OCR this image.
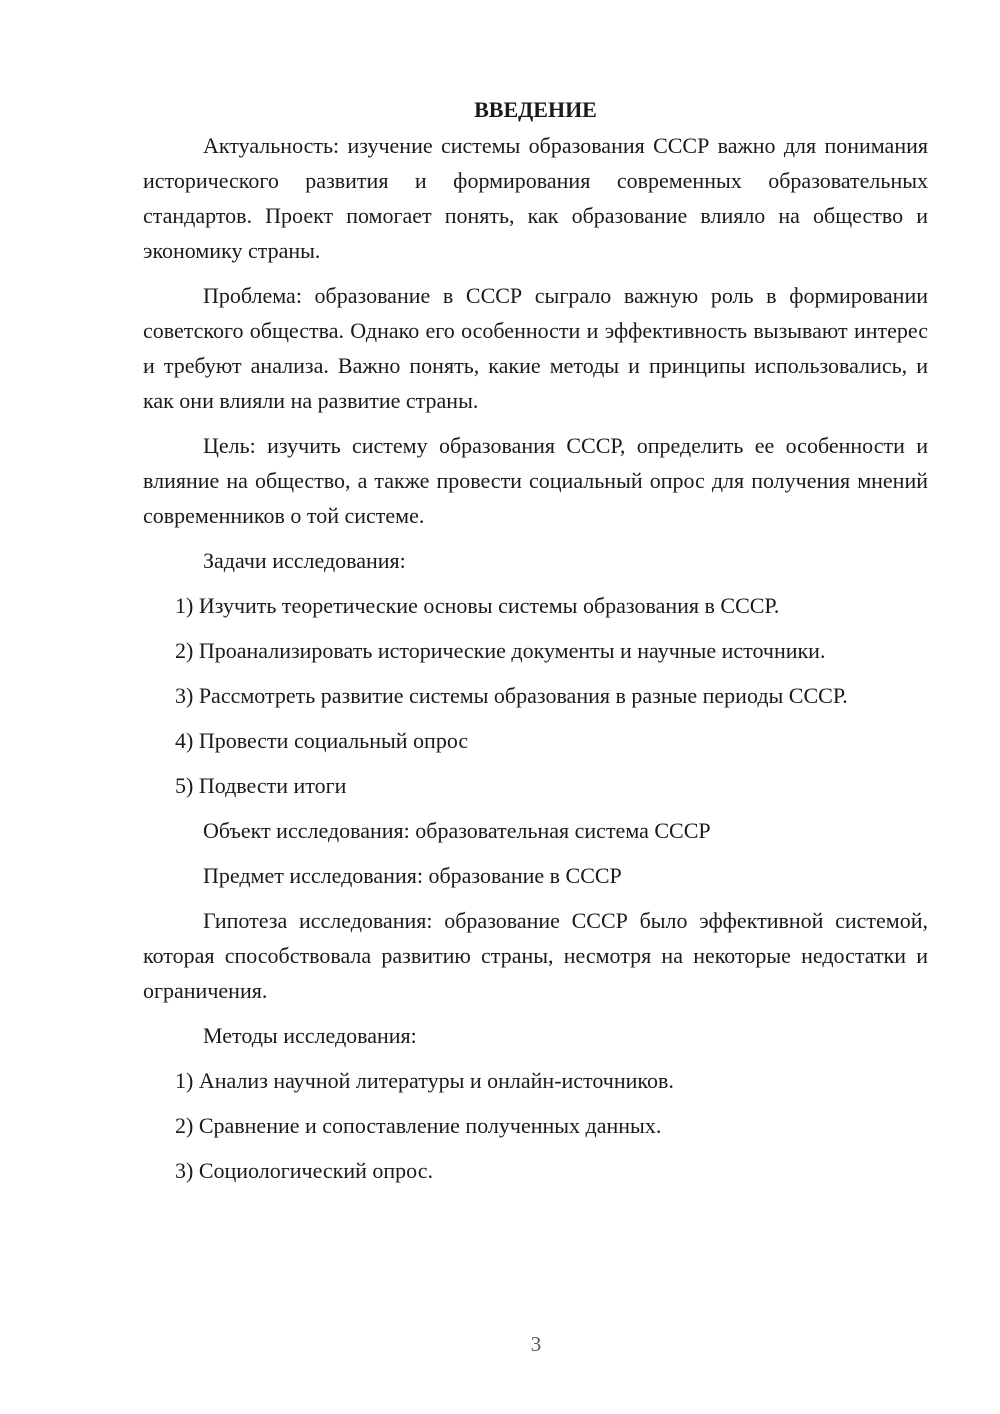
ВВЕДЕНИЕ

Актуальность: изучение системы образования СССР важно для понимания исторического развития и формирования современных образовательных стандартов. Проект помогает понять, как образование влияло на общество и экономику страны.

Проблема: образование в СССР сыграло важную роль в формировании советского общества. Однако его особенности и эффективность вызывают интерес и требуют анализа. Важно понять, какие методы и принципы использовались, и как они влияли на развитие страны.

Цель: изучить систему образования СССР, определить ее особенности и влияние на общество, а также провести социальный опрос для получения мнений современников о той системе.

Задачи исследования:

1) Изучить теоретические основы системы образования в СССР.

2) Проанализировать исторические документы и научные источники.

3) Рассмотреть развитие системы образования в разные периоды СССР.

4) Провести социальный опрос

5) Подвести итоги

Объект исследования: образовательная система СССР

Предмет исследования: образование в СССР

Гипотеза исследования: образование СССР было эффективной системой, которая способствовала развитию страны, несмотря на некоторые недостатки и ограничения.

Методы исследования:

1) Анализ научной литературы и онлайн-источников.

2) Сравнение и сопоставление полученных данных.

3) Социологический опрос.

3
